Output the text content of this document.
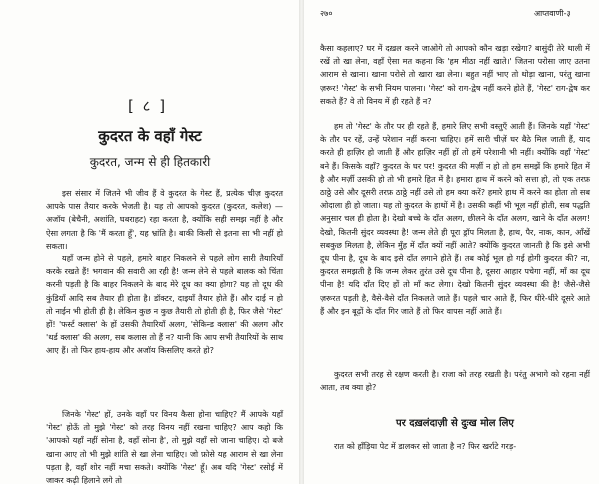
[ ८ ]
कुदरत के वहाँ गेस्ट
कुदरत, जन्म से ही हितकारी
इस संसार में जितने भी जीव हैं वे कुदरत के गेस्ट हैं, प्रत्येक चीज़ कुदरत आपके पास तैयार करके भेजती है। यह तो आपको कुदरत (कुदरत, कलेश) —अजॉय (बेचैनी, अशांति, घबराहट) रहा करता है, क्योंकि सही समझ नहीं है और ऐसा लगता है कि 'मैं करता हूँ', यह भ्रांति है। बाकी किसी से इतना सा भी नहीं हो सकता।
यहाँ जन्म होने से पहले, हमारे बाहर निकलने से पहले लोग सारी तैयारियाँ करके रखते हैं! भगवान की सवारी आ रही है! जन्म लेने से पहले बालक को चिंता करनी पड़ती है कि बाहर निकलने के बाद मेरे दूध का क्या होगा? यह तो दूध की कुंडियाँ आदि सब तैयार ही होता है। डॉक्टर, दाइयाँ तैयार होते हैं। और दाई न हो तो नाईन भी होती ही है। लेकिन कुछ न कुछ तैयारी तो होती ही है, फिर जैसे 'गेस्ट' हों! 'फर्स्ट क्लास' के हों उसकी तैयारियाँ अलग, 'सेकिन्ड क्लास' की अलग और 'थर्ड क्लास' की अलग, सब कलास तो हैं न? यानी कि आप सभी तैयारियों के साथ आए हैं। तो फिर हाय-हाय और अजॉय किसलिए करते हो?
जिनके 'गेस्ट' हों, उनके वहाँ पर विनय कैसा होना चाहिए? मैं आपके यहाँ 'गेस्ट' होऊँ तो मुझे 'गेस्ट' को तरह विनय नहीं रखना चाहिए? आप कहो कि 'आपको यहाँ नहीं सोना है, वहाँ सोना है', तो मुझे वहाँ सो जाना चाहिए। दो बजे खाना आए तो भी मुझे शांति से खा लेना चाहिए। जो फ़ोसे यह आराम से खा लेना पड़ता है, वहाँ शोर नहीं मचा सकते। क्योंकि 'गेस्ट' हूँ। अब यदि 'गेस्ट' रसोई में जाकर कढ़ी हिलाने लगे तो
२७०	आप्तवाणी-३
कैसा कहलाए? घर में दख़ल करने जाओगे तो आपको कौन खड़ा रखेगा? बासुंदी तेरे थाली में रखें तो खा लेना, वहाँ ऐसा मत कहना कि 'हम मीठा नहीं खाते।' जितना परोसा जाए उतना आराम से खाना। खाना परोसे तो खारा खा लेना। बहुत नहीं भाए तो थोड़ा खाना, परंतु खाना ज़रूर! 'गेस्ट' के सभी नियम पालना। 'गेस्ट' को राग-द्वेष नहीं करने होते हैं, 'गेस्ट' राग-द्वेष कर सकते हैं? वे तो विनय में ही रहते हैं न?
हम तो 'गेस्ट' के तौर पर ही रहते हैं, हमारे लिए सभी वस्तुएँ आती हैं। जिनके यहाँ 'गेस्ट' के तौर पर रहें, उन्हें परेशान नहीं करना चाहिए। हमें सारी चीज़ें घर बैठे मिल जाती हैं, याद करते ही हाज़िर हो जाती हैं और हाज़िर नहीं हों तो हमें परेशानी भी नहीं। क्योंकि वहाँ 'गेस्ट' बने हैं। किसके वहाँ? कुदरत के घर पर! कुदरत की मर्ज़ी न हो तो हम समझें कि हमारे हित में है और मर्ज़ी उसकी हो तो भी हमारे हित में है। हमारा हाथ में करने को सत्ता हो, तो एक तरफ़ ठाठ्ठे उसे और दूसरी तरफ़ ठाठ्ठे नहीं उसे तो हम क्या करें? हमारे हाथ में करने का होता तो सब ओदाला ही हो जाता। यह तो कुदरत के हाथों में है। उसकी कहीं भी भूल नहीं होती, सब पद्धति अनुसार चल ही होता है। देखो बच्चे के दाँत अलग, छीलने के दाँत अलग, खाने के दाँत अलग! देखो, कितनी सुंदर व्यवस्था है! जन्म लेते ही पूरा ड्रॉप मिलता है, हाथ, पैर, नाक, कान, आँखें सबकुछ मिलता है, लेकिन मुँह में दाँत क्यों नहीं आते? क्योंकि कुदरत जानती है कि इसे अभी दूध पीना है, दूध के बाद इसे दाँत लगाने होते हैं। तब कोई भूल हो गई होगी कुदरत की? ना, कुदरत समझती है कि जन्म लेकर तुरंत उसे दूध पीना है, दूसरा आहार पचेगा नहीं, माँ का दूध पीना है! यदि दाँत दिए हों तो माँ कट लेगा। देखो कितनी सुंदर व्यवस्था की है! जैसे-जैसे ज़रूरत पड़ती है, वैसे-वैसे दाँत निकलते जाते हैं। पहले चार आते हैं, फिर धीरे-धीरे दूसरे आते हैं और इन बूढ़ों के दाँत गिर जाते हैं तो फिर वापस नहीं आते हैं।
कुदरत सभी तरह से रक्षण करती है। राजा को तरह रखती है। परंतु अभागे को रहना नहीं आता, तब क्या हो?
पर दख़लंदाज़ी से दुःख मोल लिए
रात को हाँड़िया पेट में डालकर सो जाता है न? फिर खर्राटे गरड़-
